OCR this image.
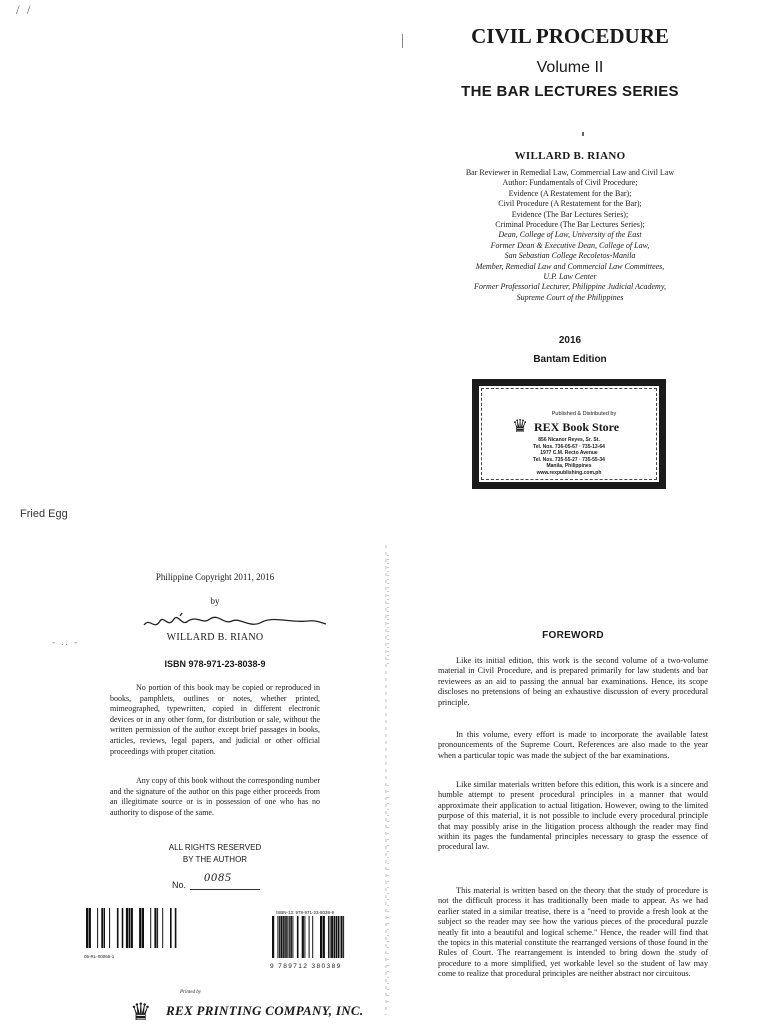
/ /
Fried Egg
CIVIL PROCEDURE
Volume II
THE BAR LECTURES SERIES
WILLARD B. RIANO
Bar Reviewer in Remedial Law, Commercial Law and Civil Law
Author: Fundamentals of Civil Procedure;
Evidence (A Restatement for the Bar);
Civil Procedure (A Restatement for the Bar);
Evidence (The Bar Lectures Series);
Criminal Procedure (The Bar Lectures Series);
Dean, College of Law, University of the East
Former Dean & Executive Dean, College of Law,
San Sebastian College Recoletos-Manila
Member, Remedial Law and Commercial Law Committees,
U.P. Law Center
Former Professorial Lecturer, Philippine Judicial Academy,
Supreme Court of the Philippines
2016
Bantam Edition
Published & Distributed by
♛ REX Book Store
856 Nicanor Reyes, Sr. St.
Tel. Nos. 736-05-67 · 735-13-64
1977 C.M. Recto Avenue
Tel. Nos. 735-55-27 · 735-55-34
Manila, Philippines
www.rexpublishing.com.ph
Philippine Copyright 2011, 2016
by
WILLARD B. RIANO
- .. -
ISBN 978-971-23-8038-9
No portion of this book may be copied or reproduced in books, pamphlets, outlines or notes, whether printed, mimeographed, typewritten, copied in different electronic devices or in any other form, for distribution or sale, without the written permission of the author except brief passages in books, articles, reviews, legal papers, and judicial or other official proceedings with proper citation.
Any copy of this book without the corresponding number and the signature of the author on this page either proceeds from an illegitimate source or is in possession of one who has no authority to dispose of the same.
ALL RIGHTS RESERVED
BY THE AUTHOR
No.
0085
05-RL-00065-1
ISBN-13: 978-971-23-8038-9
9 789712 380389
Printed by
♛ REX PRINTING COMPANY, INC.
FOREWORD
Like its initial edition, this work is the second volume of a two-volume material in Civil Procedure, and is prepared primarily for law students and bar reviewees as an aid to passing the annual bar examinations. Hence, its scope discloses no pretensions of being an exhaustive discussion of every procedural principle.
In this volume, every effort is made to incorporate the available latest pronouncements of the Supreme Court. References are also made to the year when a particular topic was made the subject of the bar examinations.
Like similar materials written before this edition, this work is a sincere and humble attempt to present procedural principles in a manner that would approximate their application to actual litigation. However, owing to the limited purpose of this material, it is not possible to include every procedural principle that may possibly arise in the litigation process although the reader may find within its pages the fundamental principles necessary to grasp the essence of procedural law.
This material is written based on the theory that the study of procedure is not the difficult process it has traditionally been made to appear. As we had earlier stated in a similar treatise, there is a "need to provide a fresh look at the subject so the reader may see how the various pieces of the procedural puzzle neatly fit into a beautiful and logical scheme." Hence, the reader will find that the topics in this material constitute the rearranged versions of those found in the Rules of Court. The rearrangement is intended to bring down the study of procedure to a more simplified, yet workable level so the student of law may come to realize that procedural principles are neither abstract nor circuitous.
